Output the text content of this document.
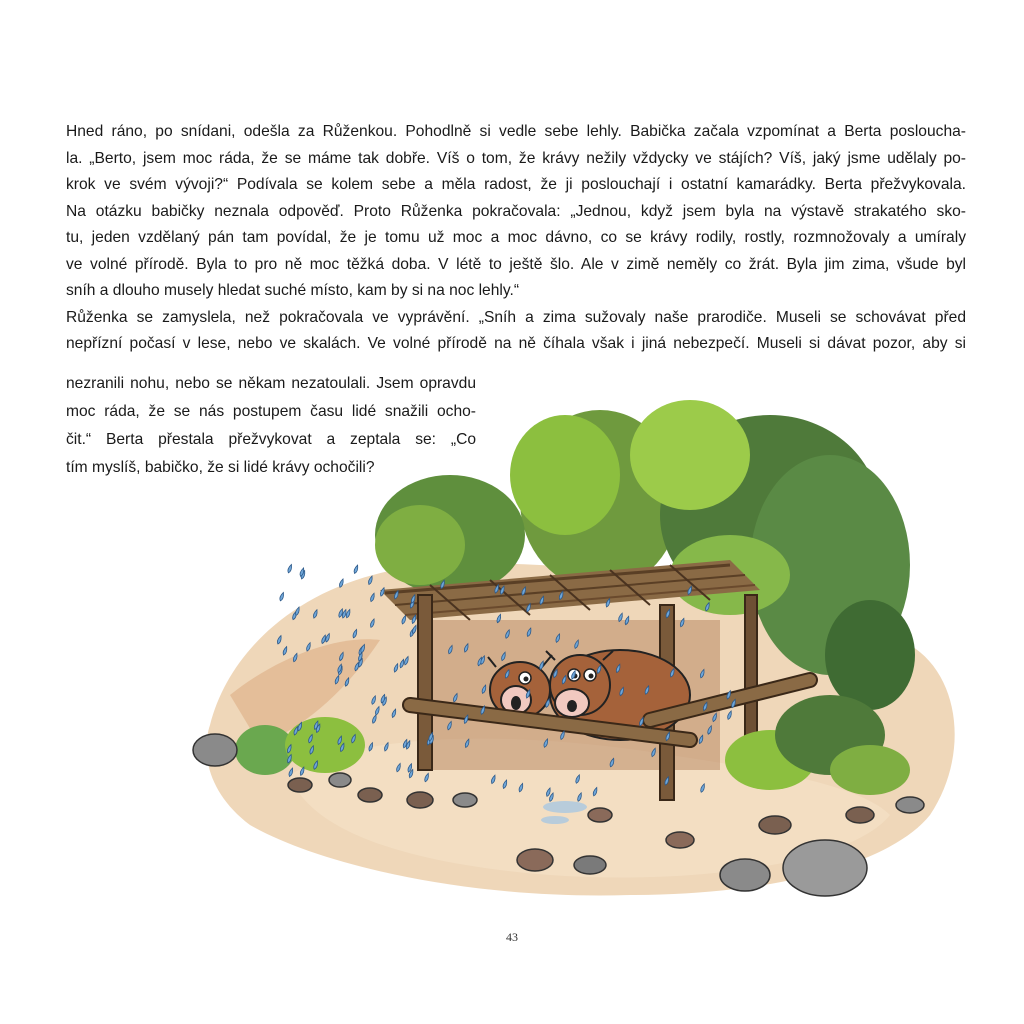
Hned ráno, po snídani, odešla za Růženkou. Pohodlně si vedle sebe lehly. Babička začala vzpomínat a Berta posloucha-
la. „Berto, jsem moc ráda, že se máme tak dobře. Víš o tom, že krávy nežily vždycky ve stájích? Víš, jaký jsme udělaly po-
krok ve svém vývoji?“ Podívala se kolem sebe a měla radost, že ji poslouchají i ostatní kamarádky. Berta přežvykovala.
Na otázku babičky neznala odpověď. Proto Růženka pokračovala: „Jednou, když jsem byla na výstavě strakatého sko-
tu, jeden vzdělaný pán tam povídal, že je tomu už moc a moc dávno, co se krávy rodily, rostly, rozmnožovaly a umíraly
ve volné přírodě. Byla to pro ně moc těžká doba. V létě to ještě šlo. Ale v zimě neměly co žrát. Byla jim zima, všude byl
sníh a dlouho musely hledat suché místo, kam by si na noc lehly.“
Růženka se zamyslela, než pokračovala ve vyprávění. „Sníh a zima sužovaly naše prarodiče. Museli se schovávat před
nepřízní počasí v lese, nebo ve skalách. Ve volné přírodě na ně číhala však i jiná nebezpečí. Museli si dávat pozor, aby si
nezranili nohu, nebo se někam nezatoulali. Jsem opravdu
moc ráda, že se nás postupem času lidé snažili ocho-
čit.“ Berta přestala přežvykovat a zeptala se: „Co
tím myslíš, babičko, že si lidé krávy ochočili?
43
